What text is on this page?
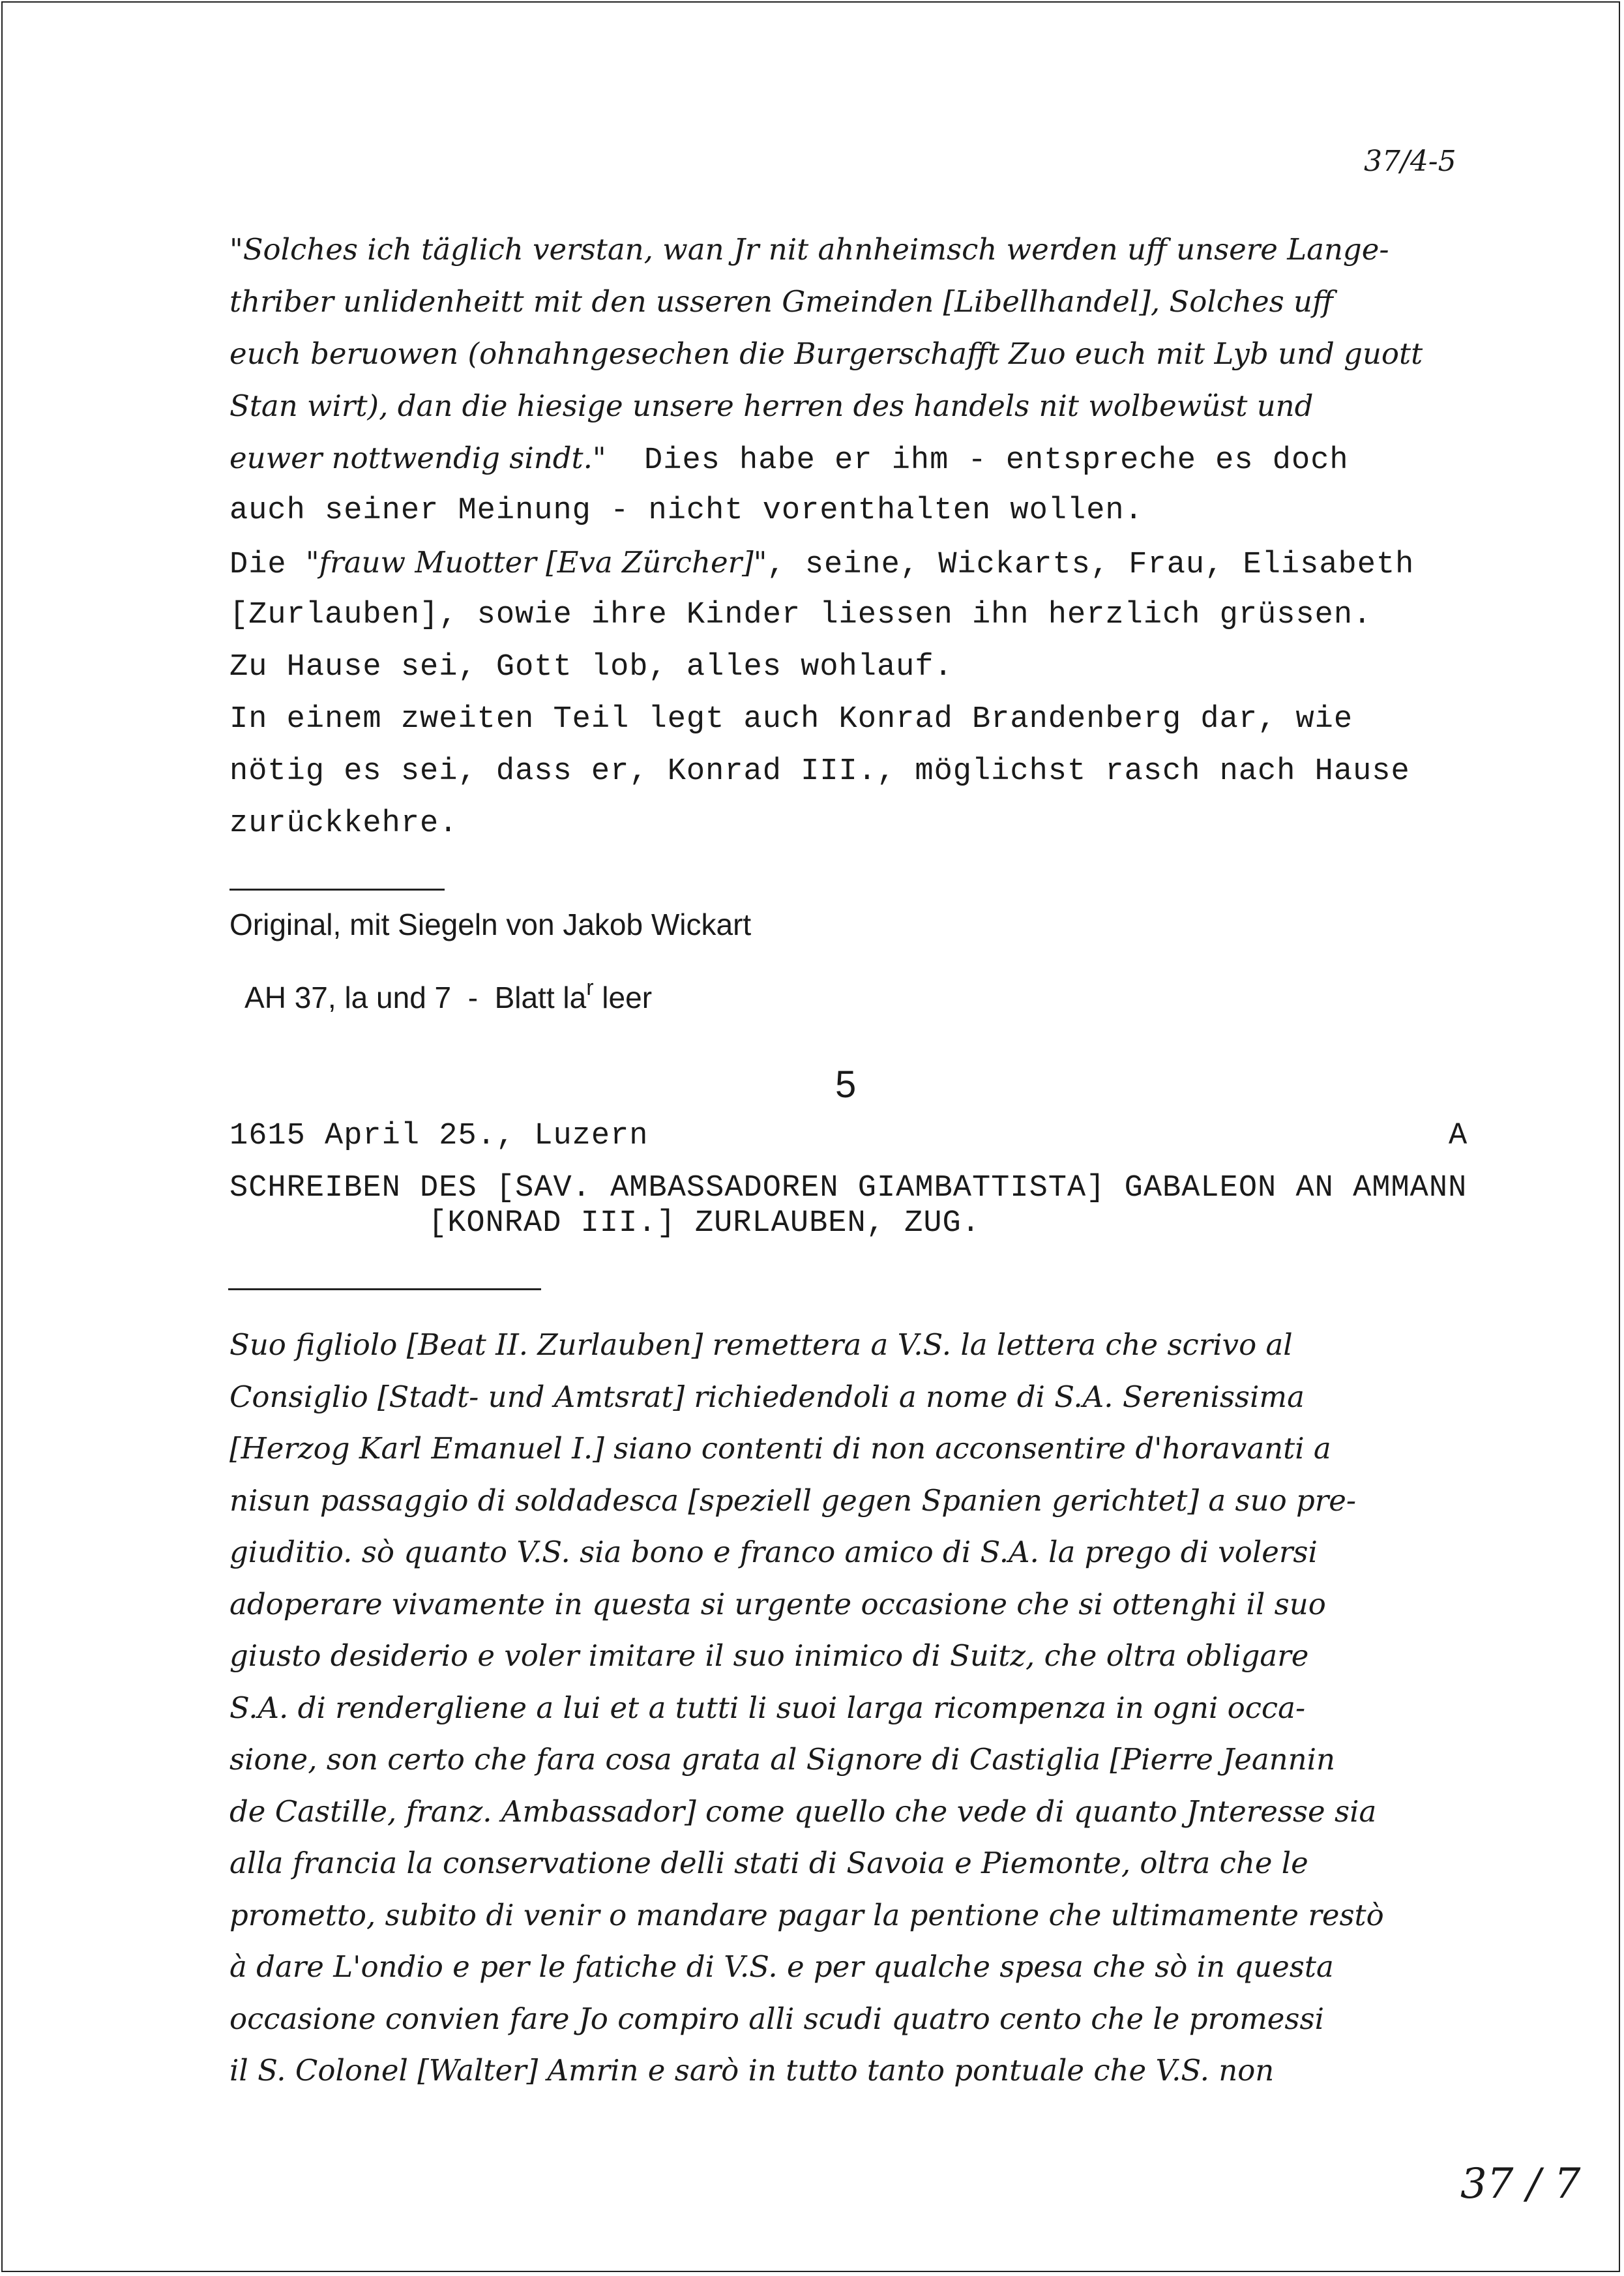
37/4-5
"Solches ich täglich verstan, wan Jr nit ahnheimsch werden uff unsere Lange-
thriber unlidenheitt mit den usseren Gmeinden [Libellhandel], Solches uff
euch beruowen (ohnahngesechen die Burgerschafft Zuo euch mit Lyb und guott
Stan wirt), dan die hiesige unsere herren des handels nit wolbewüst und
euwer nottwendig sindt."  Dies habe er ihm - entspreche es doch
auch seiner Meinung - nicht vorenthalten wollen.
Die "frauw Muotter [Eva Zürcher]", seine, Wickarts, Frau, Elisabeth
[Zurlauben], sowie ihre Kinder liessen ihn herzlich grüssen.
Zu Hause sei, Gott lob, alles wohlauf.
In einem zweiten Teil legt auch Konrad Brandenberg dar, wie
nötig es sei, dass er, Konrad III., möglichst rasch nach Hause
zurückkehre.
Original, mit Siegeln von Jakob Wickart

AH 37, la und 7  -  Blatt $la^r$ leer

5
1615 April 25., Luzern	A
SCHREIBEN DES [SAV. AMBASSADOREN GIAMBATTISTA] GABALEON AN AMMANN
[KONRAD III.] ZURLAUBEN, ZUG.
Suo figliolo [Beat II. Zurlauben] remettera a V.S. la lettera che scrivo al
Consiglio [Stadt- und Amtsrat] richiedendoli a nome di S.A. Serenissima
[Herzog Karl Emanuel I.] siano contenti di non acconsentire d'horavanti a
nisun passaggio di soldadesca [speziell gegen Spanien gerichtet] a suo pre-
giuditio. sò quanto V.S. sia bono e franco amico di S.A. la prego di volersi
adoperare vivamente in questa si urgente occasione che si ottenghi il suo
giusto desiderio e voler imitare il suo inimico di Suitz, che oltra obligare
S.A. di rendergliene a lui et a tutti li suoi larga ricompenza in ogni occa-
sione, son certo che fara cosa grata al Signore di Castiglia [Pierre Jeannin
de Castille, franz. Ambassador] come quello che vede di quanto Jnteresse sia
alla francia la conservatione delli stati di Savoia e Piemonte, oltra che le
prometto, subito di venir o mandare pagar la pentione che ultimamente restò
à dare L'ondio e per le fatiche di V.S. e per qualche spesa che sò in questa
occasione convien fare Jo compiro alli scudi quatro cento che le promessi
il S. Colonel [Walter] Amrin e sarò in tutto tanto pontuale che V.S. non
37 / 7
